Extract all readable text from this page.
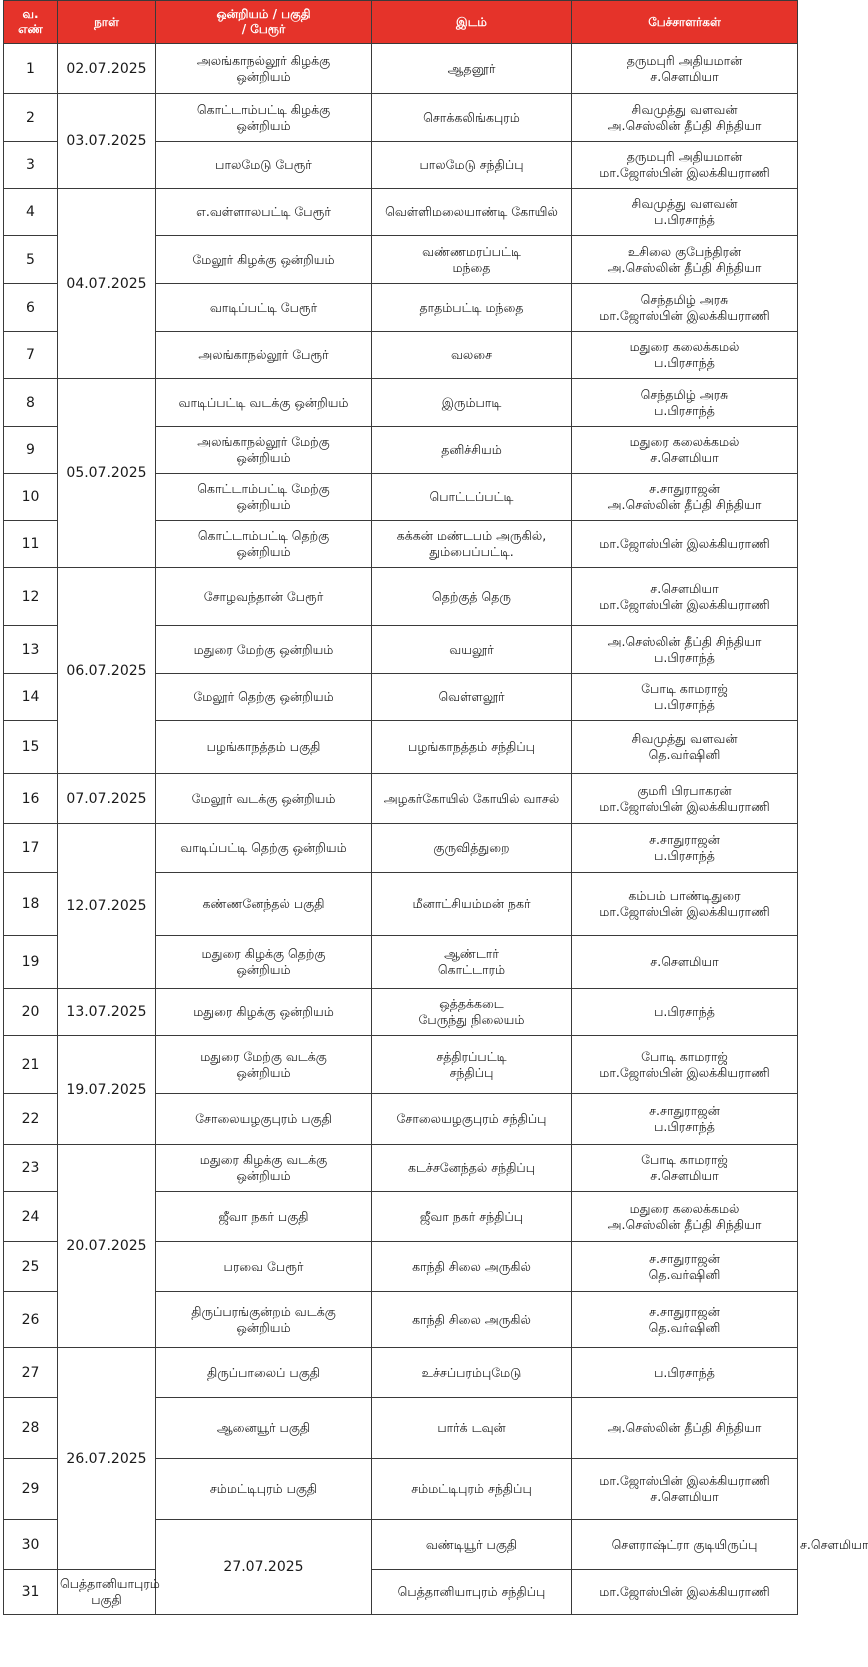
வ.
எண்	நாள்	ஒன்றியம் / பகுதி
/ பேரூர்	இடம்	பேச்சாளர்கள்	
1	02.07.2025	அலங்காநல்லூர் கிழக்கு
ஒன்றியம்	ஆதனூர்	தருமபுரி அதியமான்
ச.சௌமியா	

2	03.07.2025	கொட்டாம்பட்டி கிழக்கு
ஒன்றியம்	சொக்கலிங்கபுரம்	சிவமுத்து வளவன்
அ.செஸ்லின் தீப்தி சிந்தியா	

3		பாலமேடு பேரூர்	பாலமேடு சந்திப்பு	தருமபுரி அதியமான்
மா.ஜோஸ்பின் இலக்கியராணி	

4	04.07.2025	எ.வள்ளாலபட்டி பேரூர்	வெள்ளிமலையாண்டி கோயில்	சிவமுத்து வளவன்
ப.பிரசாந்த்	

5		மேலூர் கிழக்கு ஒன்றியம்	வண்ணமரப்பட்டி
மந்தை	உசிலை குபேந்திரன்
அ.செஸ்லின் தீப்தி சிந்தியா	

6		வாடிப்பட்டி பேரூர்	தாதம்பட்டி மந்தை	செந்தமிழ் அரசு
மா.ஜோஸ்பின் இலக்கியராணி	

7		அலங்காநல்லூர் பேரூர்	வலசை	மதுரை கலைக்கமல்
ப.பிரசாந்த்	

8	05.07.2025	வாடிப்பட்டி வடக்கு ஒன்றியம்	இரும்பாடி	செந்தமிழ் அரசு
ப.பிரசாந்த்	

9		அலங்காநல்லூர் மேற்கு
ஒன்றியம்	தனிச்சியம்	மதுரை கலைக்கமல்
ச.சௌமியா	

10		கொட்டாம்பட்டி மேற்கு
ஒன்றியம்	பொட்டப்பட்டி	ச.சாதுராஜன்
அ.செஸ்லின் தீப்தி சிந்தியா	

11		கொட்டாம்பட்டி தெற்கு
ஒன்றியம்	கக்கன் மண்டபம் அருகில்,
தும்பைப்பட்டி.	மா.ஜோஸ்பின் இலக்கியராணி	

12	06.07.2025	சோழவந்தான் பேரூர்	தெற்குத் தெரு	ச.சௌமியா
மா.ஜோஸ்பின் இலக்கியராணி	

13		மதுரை மேற்கு ஒன்றியம்	வயலூர்	அ.செஸ்லின் தீப்தி சிந்தியா
ப.பிரசாந்த்	

14		மேலூர் தெற்கு ஒன்றியம்	வெள்ளலூர்	போடி காமராஜ்
ப.பிரசாந்த்	

15		பழங்காநத்தம் பகுதி	பழங்காநத்தம் சந்திப்பு	சிவமுத்து வளவன்
தெ.வர்ஷினி	

16	07.07.2025	மேலூர் வடக்கு ஒன்றியம்	அழகர்கோயில் கோயில் வாசல்	குமரி பிரபாகரன்
மா.ஜோஸ்பின் இலக்கியராணி	

17	12.07.2025	வாடிப்பட்டி தெற்கு ஒன்றியம்	குருவித்துறை	ச.சாதுராஜன்
ப.பிரசாந்த்	

18		கண்ணனேந்தல் பகுதி	மீனாட்சியம்மன் நகர்	கம்பம் பாண்டிதுரை
மா.ஜோஸ்பின் இலக்கியராணி	

19		மதுரை கிழக்கு தெற்கு
ஒன்றியம்	ஆண்டார்
கொட்டாரம்	ச.சௌமியா	

20	13.07.2025	மதுரை கிழக்கு ஒன்றியம்	ஒத்தக்கடை
பேருந்து நிலையம்	ப.பிரசாந்த்	

21	19.07.2025	மதுரை மேற்கு வடக்கு
ஒன்றியம்	சத்திரப்பட்டி
சந்திப்பு	போடி காமராஜ்
மா.ஜோஸ்பின் இலக்கியராணி	

22		சோலையழகுபுரம் பகுதி	சோலையழகுபுரம் சந்திப்பு	ச.சாதுராஜன்
ப.பிரசாந்த்	

23	20.07.2025	மதுரை கிழக்கு வடக்கு
ஒன்றியம்	கடச்சனேந்தல் சந்திப்பு	போடி காமராஜ்
ச.சௌமியா	

24		ஜீவா நகர் பகுதி	ஜீவா நகர் சந்திப்பு	மதுரை கலைக்கமல்
அ.செஸ்லின் தீப்தி சிந்தியா	

25		பரவை பேரூர்	காந்தி சிலை அருகில்	ச.சாதுராஜன்
தெ.வர்ஷினி	

26		திருப்பரங்குன்றம் வடக்கு
ஒன்றியம்	காந்தி சிலை அருகில்	ச.சாதுராஜன்
தெ.வர்ஷினி	

27	26.07.2025	திருப்பாலைப் பகுதி	உச்சப்பரம்புமேடு	ப.பிரசாந்த்	

28		ஆனையூர் பகுதி	பார்க் டவுன்	அ.செஸ்லின் தீப்தி சிந்தியா	

29		சம்மட்டிபுரம் பகுதி	சம்மட்டிபுரம் சந்திப்பு	மா.ஜோஸ்பின் இலக்கியராணி
ச.சௌமியா	

30		27.07.2025	வண்டியூர் பகுதி	சௌராஷ்ட்ரா குடியிருப்பு	ச.சௌமியா

31	பெத்தானியாபுரம் பகுதி		பெத்தானியாபுரம் சந்திப்பு	மா.ஜோஸ்பின் இலக்கியராணி	
